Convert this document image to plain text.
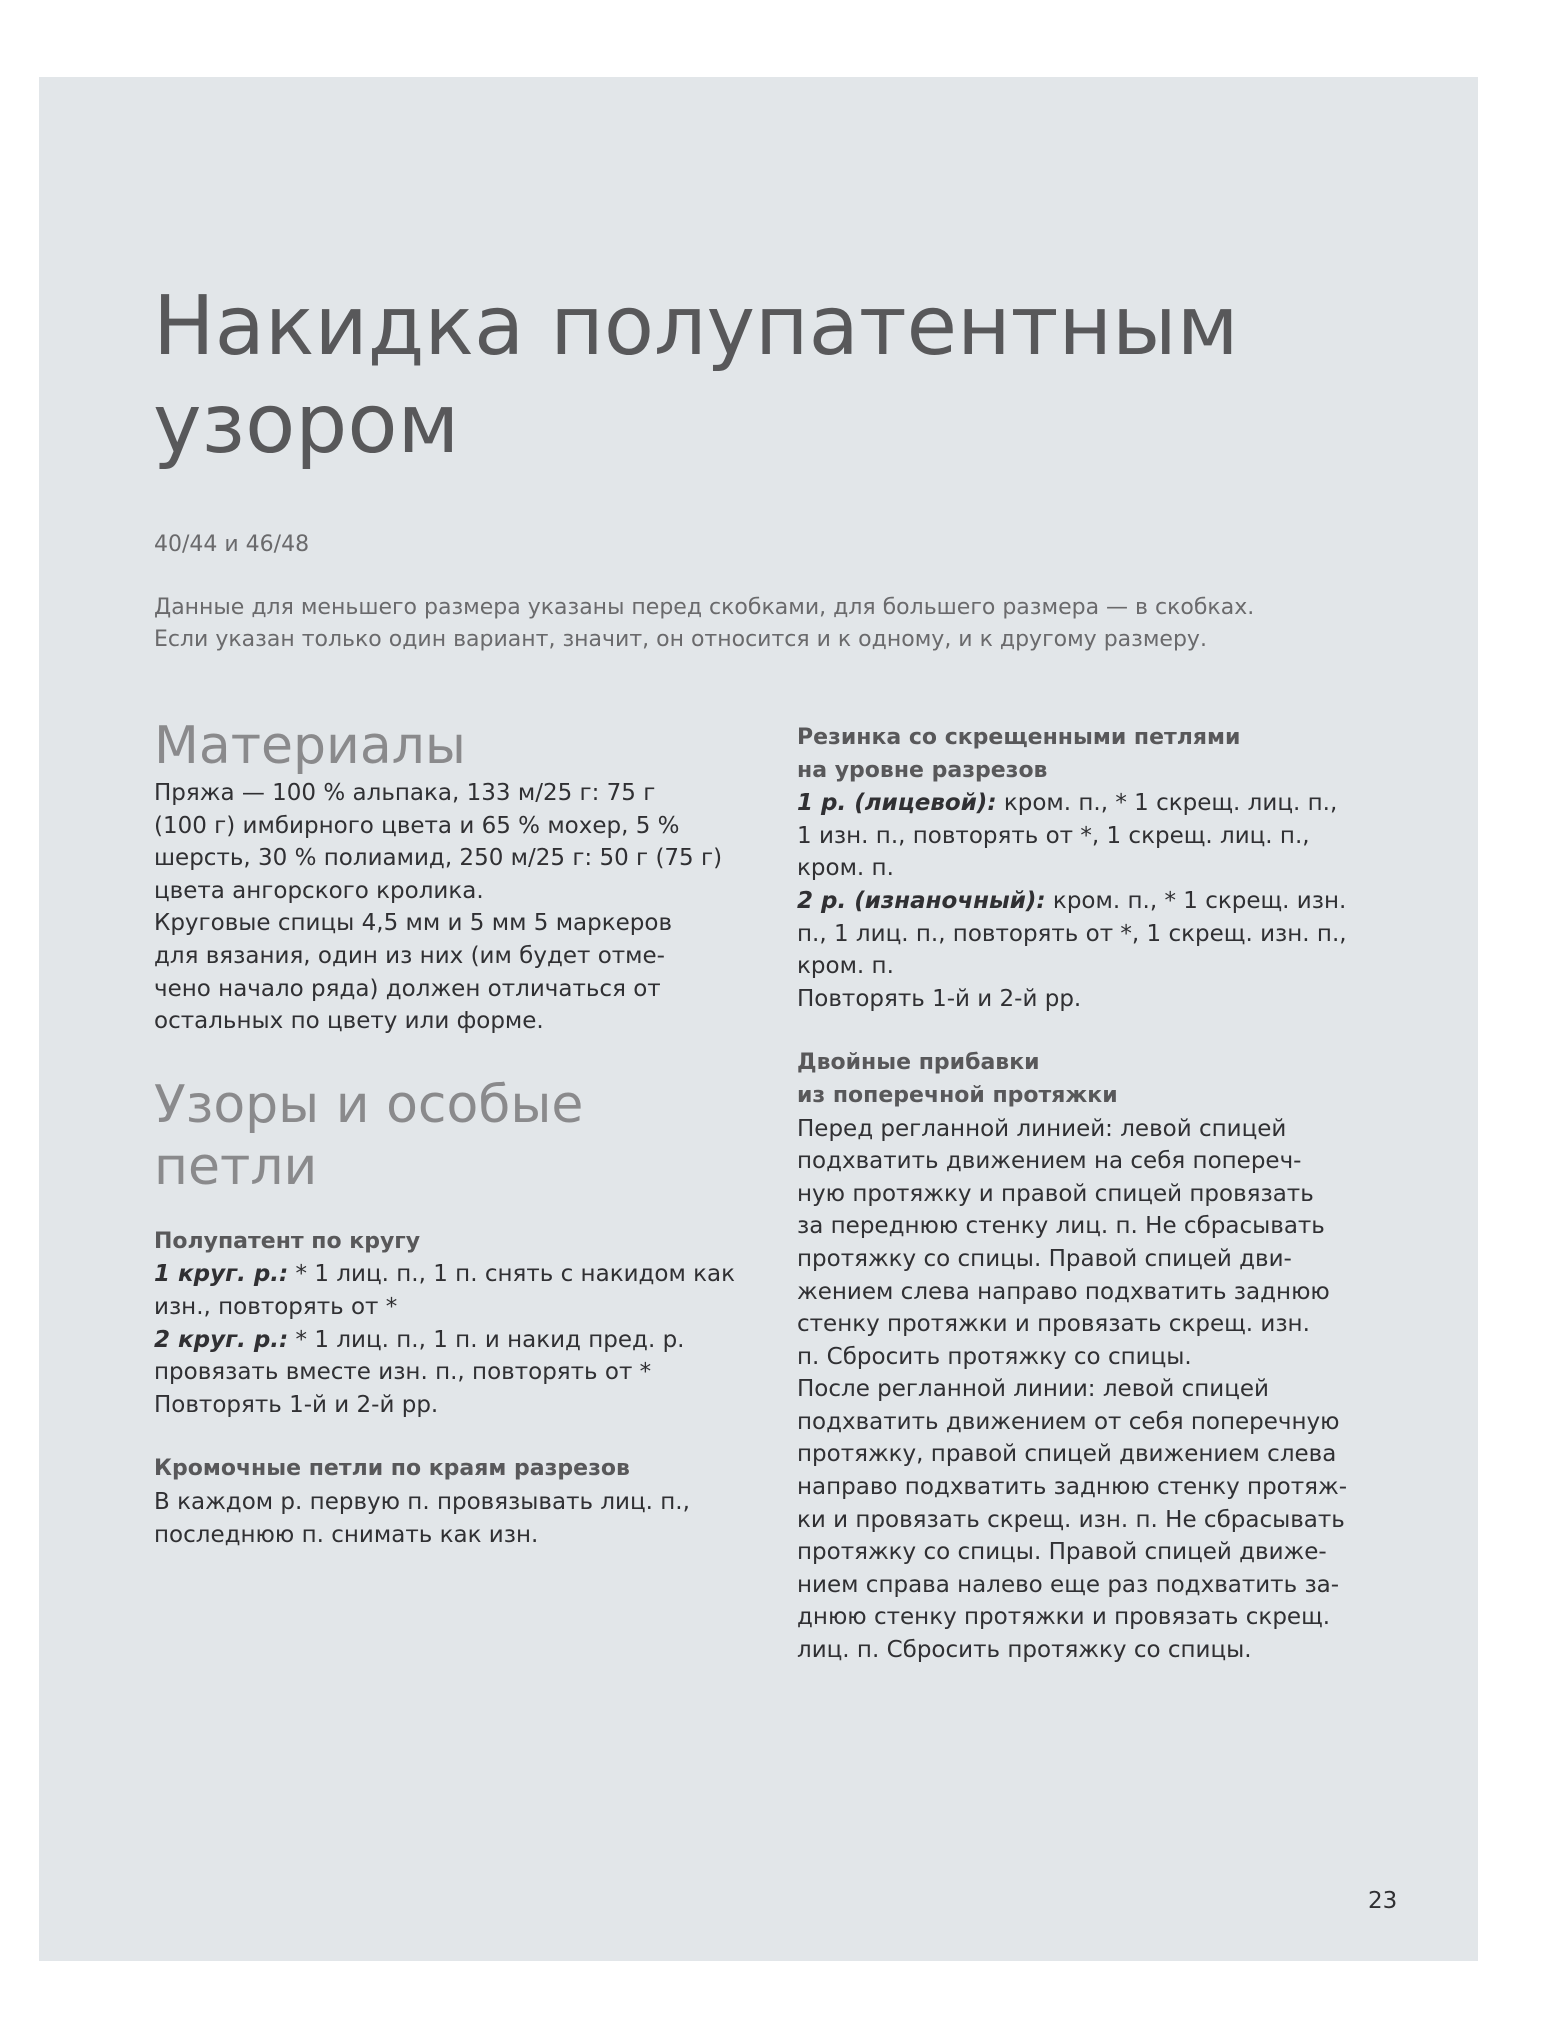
Накидка полупатентным
узором
40/44 и 46/48
Данные для меньшего размера указаны перед скобками, для большего размера — в скобках.
Если указан только один вариант, значит, он относится и к одному, и к другому размеру.
Материалы
Пряжа — 100 % альпака, 133 м/25 г: 75 г
(100 г) имбирного цвета и 65 % мохер, 5 %
шерсть, 30 % полиамид, 250 м/25 г: 50 г (75 г)
цвета ангорского кролика.
Круговые спицы 4,5 мм и 5 мм 5 маркеров
для вязания, один из них (им будет отме-
чено начало ряда) должен отличаться от
остальных по цвету или форме.
Узоры и особые петли
Полупатент по кругу
1 круг. р.: * 1 лиц. п., 1 п. снять с накидом как
изн., повторять от *
2 круг. р.: * 1 лиц. п., 1 п. и накид пред. р.
провязать вместе изн. п., повторять от *
Повторять 1-й и 2-й рр.
Кромочные петли по краям разрезов
В каждом р. первую п. провязывать лиц. п.,
последнюю п. снимать как изн.
Резинка со скрещенными петлями
на уровне разрезов
1 р. (лицевой): кром. п., * 1 скрещ. лиц. п.,
1 изн. п., повторять от *, 1 скрещ. лиц. п.,
кром. п.
2 р. (изнаночный): кром. п., * 1 скрещ. изн.
п., 1 лиц. п., повторять от *, 1 скрещ. изн. п.,
кром. п.
Повторять 1-й и 2-й рр.
Двойные прибавки
из поперечной протяжки
Перед регланной линией: левой спицей
подхватить движением на себя попереч-
ную протяжку и правой спицей провязать
за переднюю стенку лиц. п. Не сбрасывать
протяжку со спицы. Правой спицей дви-
жением слева направо подхватить заднюю
стенку протяжки и провязать скрещ. изн.
п. Сбросить протяжку со спицы.
После регланной линии: левой спицей
подхватить движением от себя поперечную
протяжку, правой спицей движением слева
направо подхватить заднюю стенку протяж-
ки и провязать скрещ. изн. п. Не сбрасывать
протяжку со спицы. Правой спицей движе-
нием справа налево еще раз подхватить за-
днюю стенку протяжки и провязать скрещ.
лиц. п. Сбросить протяжку со спицы.
23
